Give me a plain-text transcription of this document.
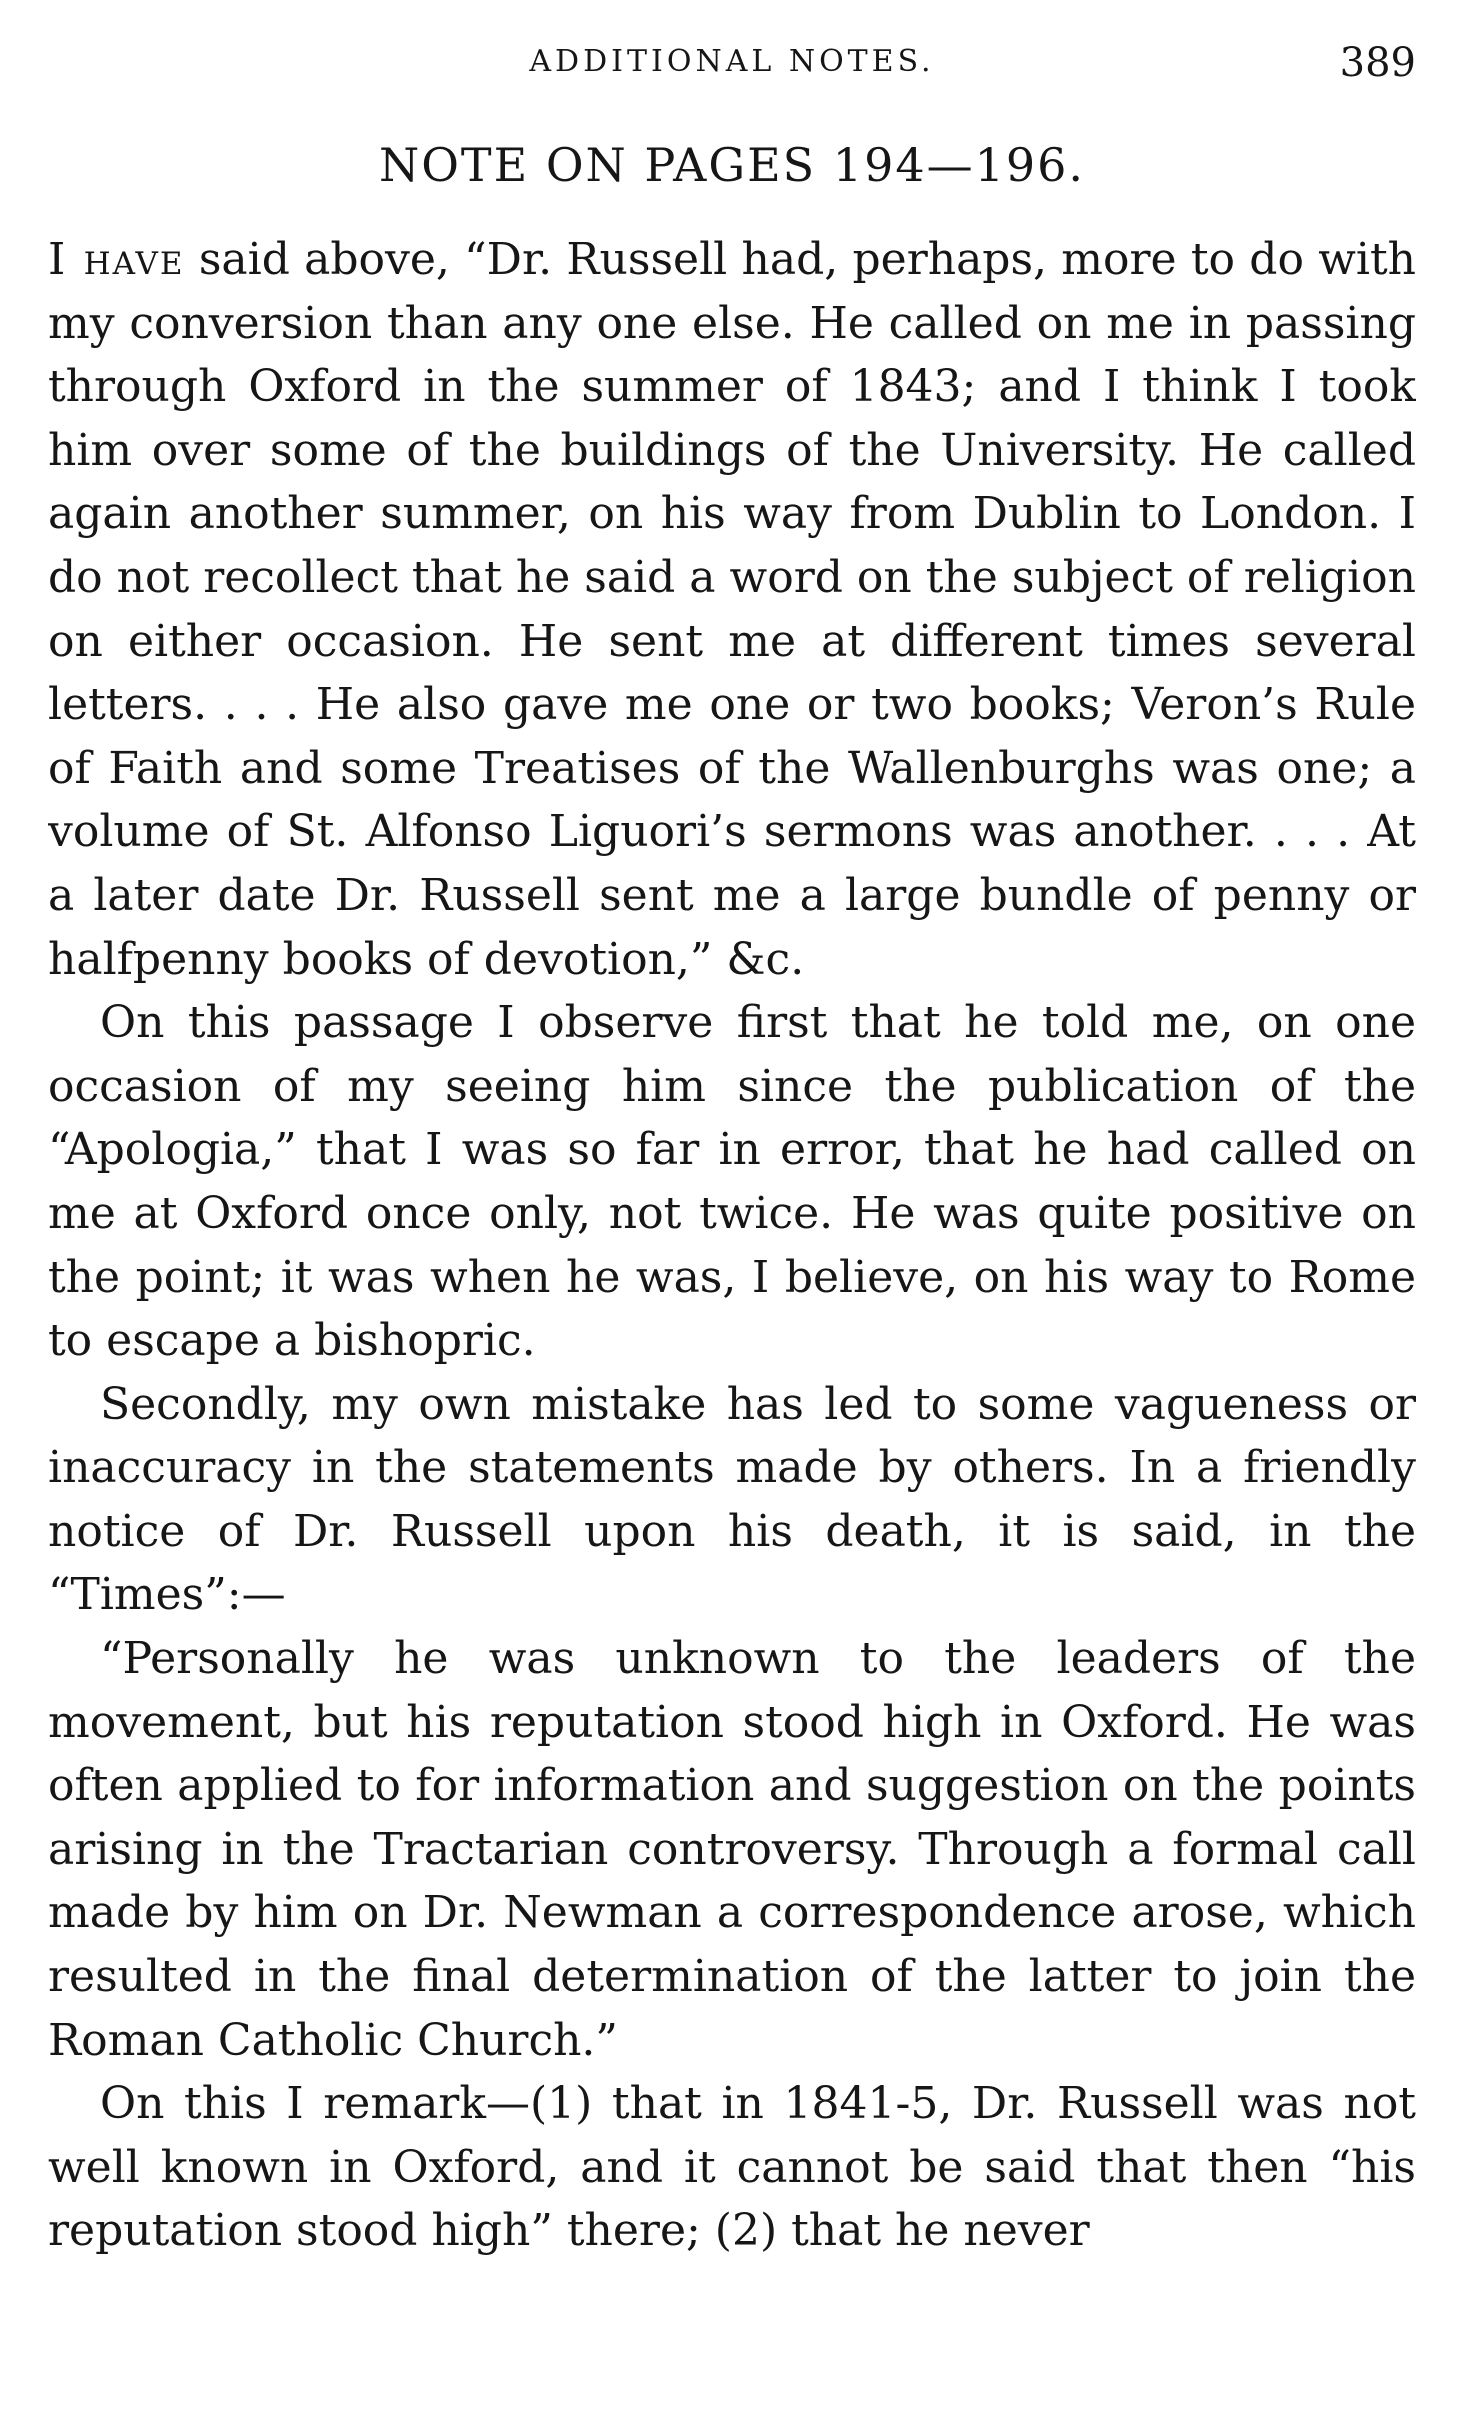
ADDITIONAL NOTES.	389
NOTE ON PAGES 194—196.

I have said above, “Dr. Russell had, perhaps, more to do with my conversion than any one else. He called on me in passing through Oxford in the summer of 1843; and I think I took him over some of the buildings of the University. He called again another summer, on his way from Dublin to London. I do not recollect that he said a word on the subject of religion on either occasion. He sent me at different times several letters. . . . He also gave me one or two books; Veron’s Rule of Faith and some Treatises of the Wallenburghs was one; a volume of St. Alfonso Liguori’s sermons was another. . . . At a later date Dr. Russell sent me a large bundle of penny or halfpenny books of devotion,” &c.

On this passage I observe first that he told me, on one occasion of my seeing him since the publication of the “Apologia,” that I was so far in error, that he had called on me at Oxford once only, not twice. He was quite positive on the point; it was when he was, I believe, on his way to Rome to escape a bishopric.

Secondly, my own mistake has led to some vagueness or inaccuracy in the statements made by others. In a friendly notice of Dr. Russell upon his death, it is said, in the “Times”:—

“Personally he was unknown to the leaders of the movement, but his reputation stood high in Oxford. He was often applied to for information and suggestion on the points arising in the Tractarian controversy. Through a formal call made by him on Dr. Newman a correspondence arose, which resulted in the final determination of the latter to join the Roman Catholic Church.”

On this I remark—(1) that in 1841-5, Dr. Russell was not well known in Oxford, and it cannot be said that then “his reputation stood high” there; (2) that he never
